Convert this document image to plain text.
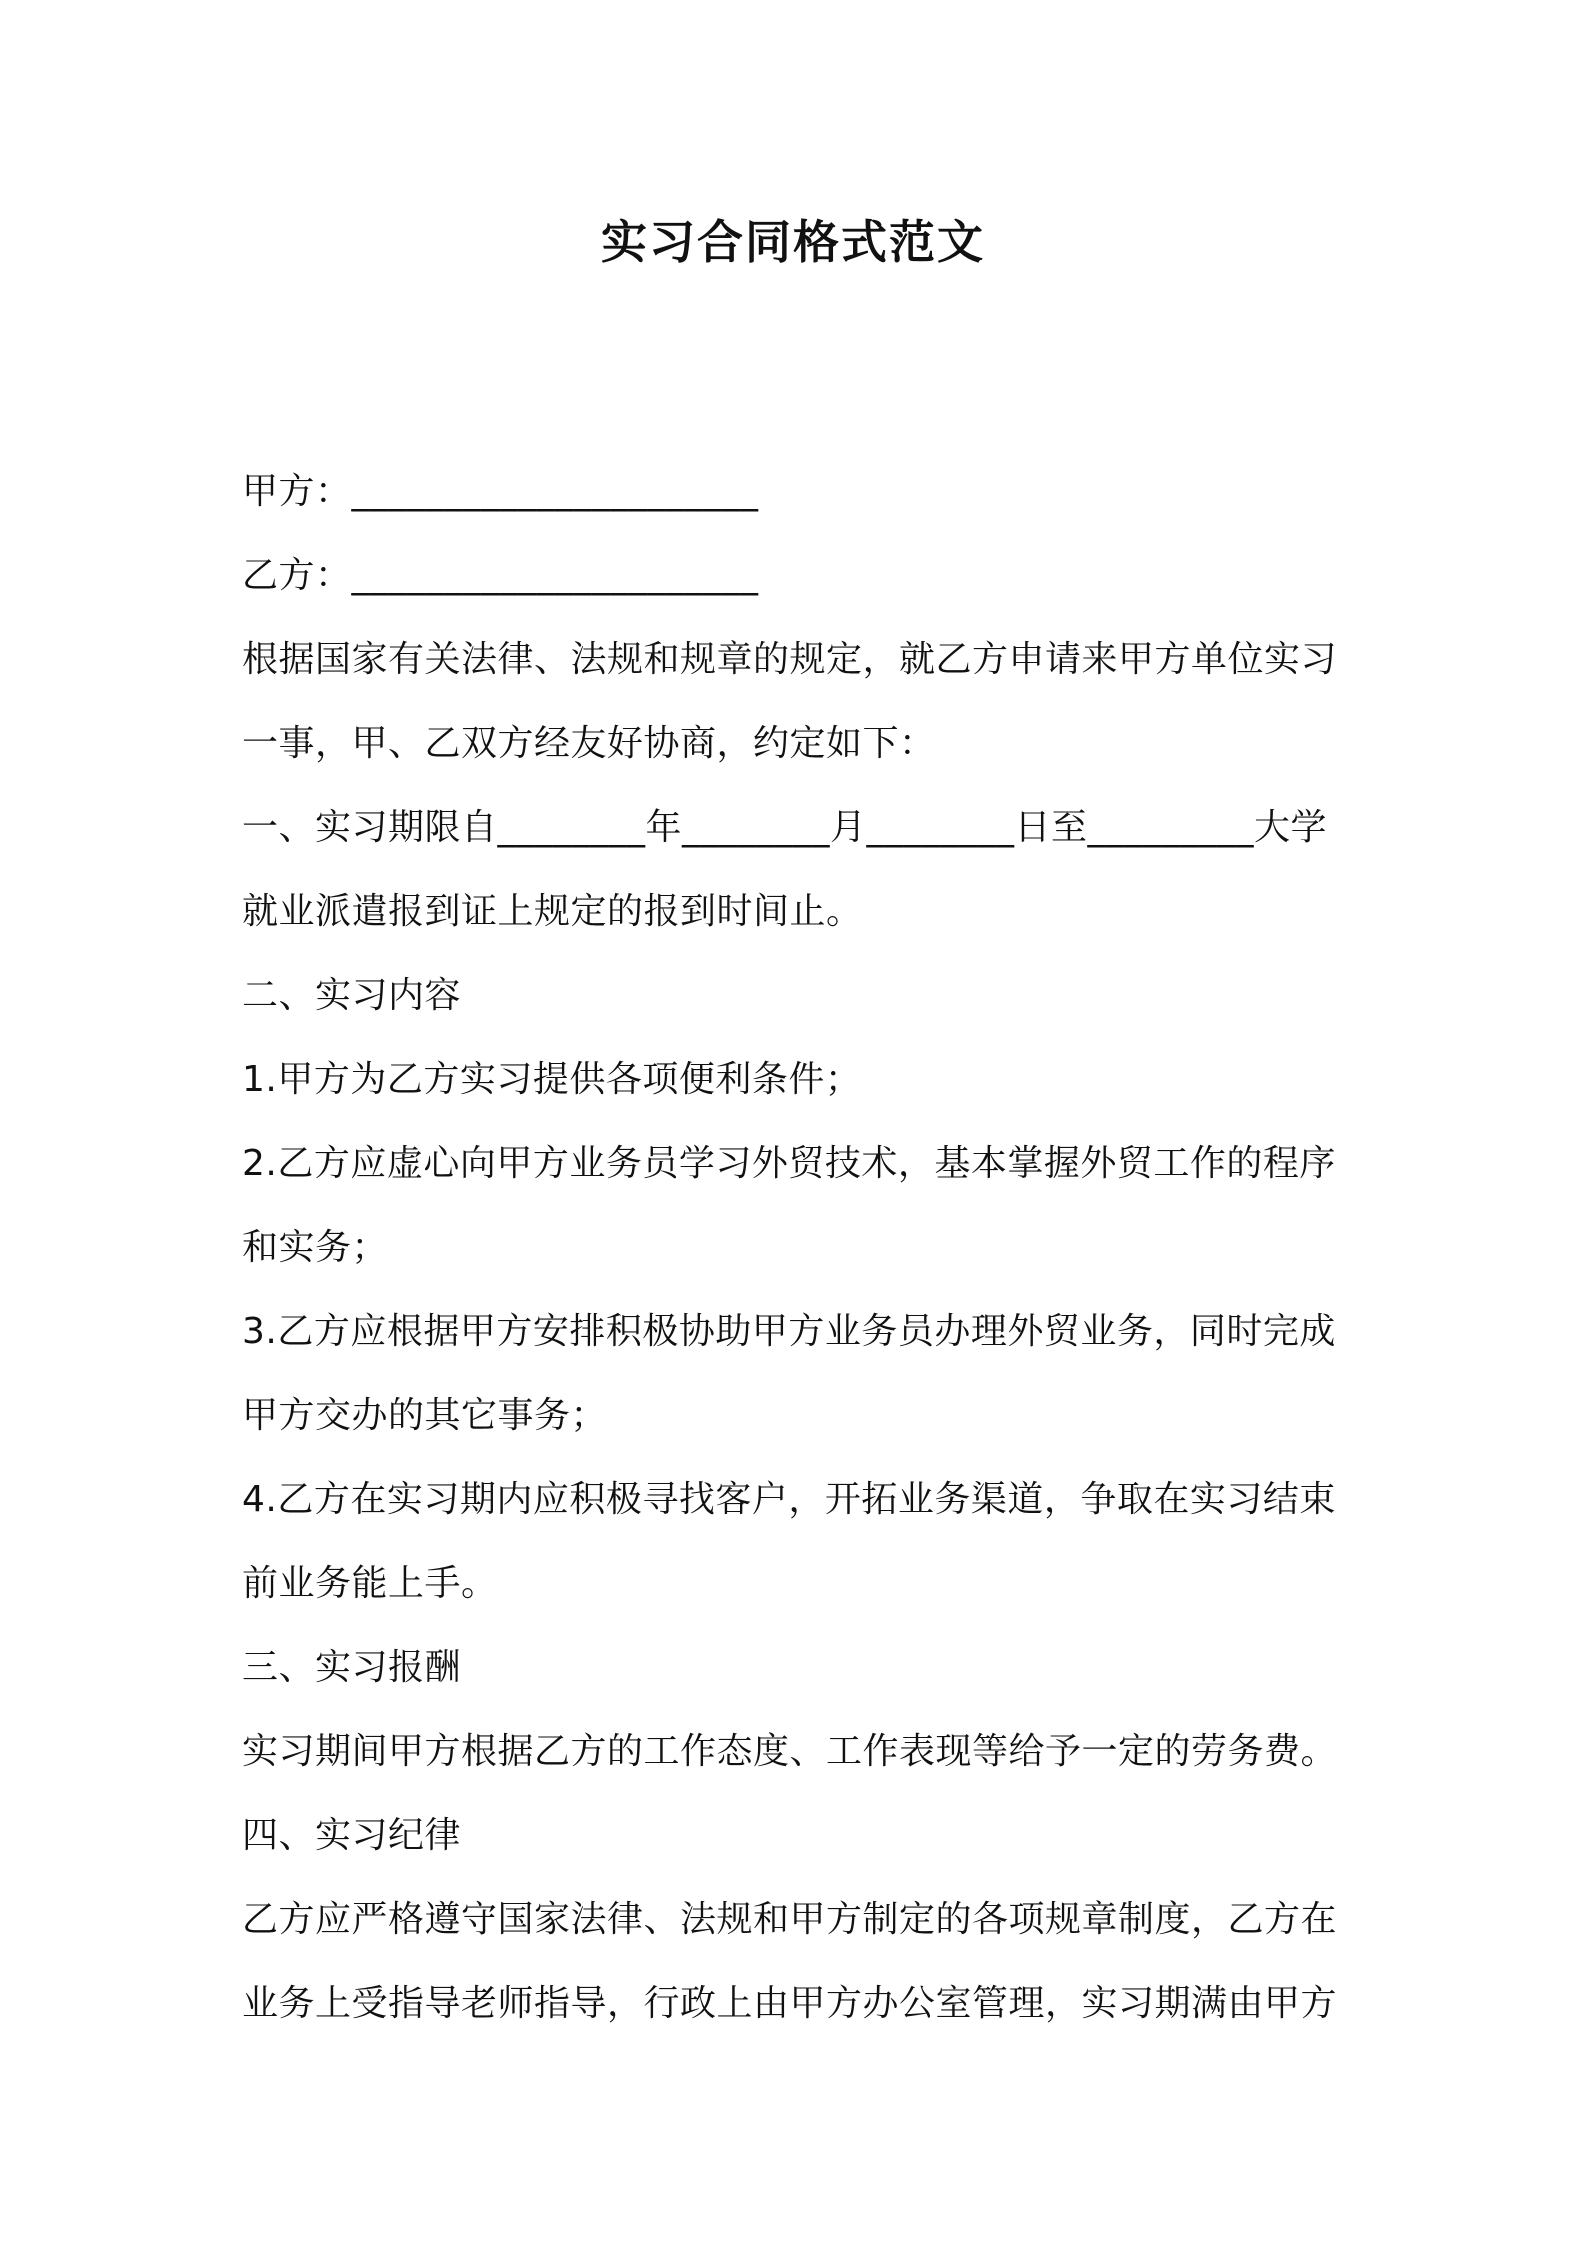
实习合同格式范文
甲方：______________________
乙方：______________________
根据国家有关法律、法规和规章的规定，就乙方申请来甲方单位实习
一事，甲、乙双方经友好协商，约定如下：
一、实习期限自________年________月________日至_________大学
就业派遣报到证上规定的报到时间止。
二、实习内容
1.甲方为乙方实习提供各项便利条件；
2.乙方应虚心向甲方业务员学习外贸技术，基本掌握外贸工作的程序
和实务；
3.乙方应根据甲方安排积极协助甲方业务员办理外贸业务，同时完成
甲方交办的其它事务；
4.乙方在实习期内应积极寻找客户，开拓业务渠道，争取在实习结束
前业务能上手。
三、实习报酬
实习期间甲方根据乙方的工作态度、工作表现等给予一定的劳务费。
四、实习纪律
乙方应严格遵守国家法律、法规和甲方制定的各项规章制度，乙方在
业务上受指导老师指导，行政上由甲方办公室管理，实习期满由甲方
